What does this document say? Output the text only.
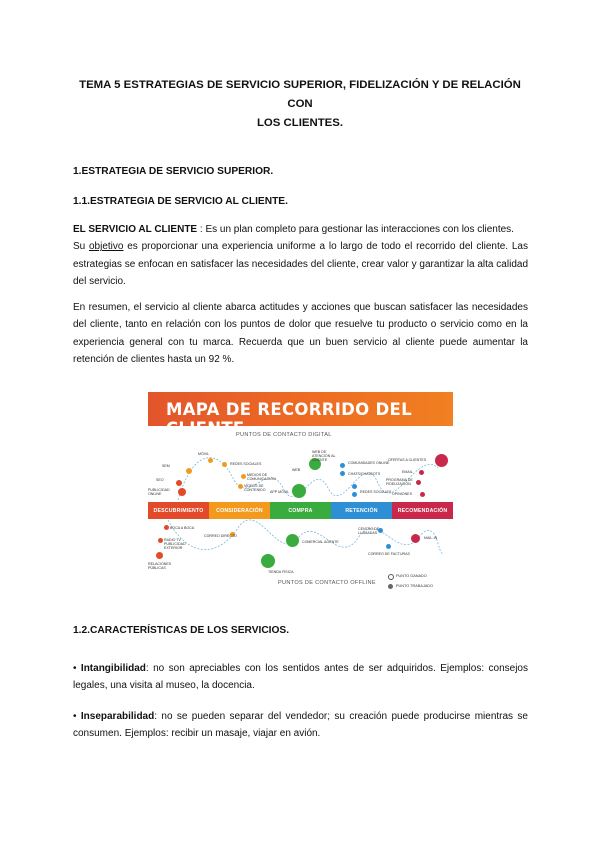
TEMA 5 ESTRATEGIAS DE SERVICIO SUPERIOR, FIDELIZACIÓN Y DE RELACIÓN CON
LOS CLIENTES.
1.ESTRATEGIA DE SERVICIO SUPERIOR.
1.1.ESTRATEGIA DE SERVICIO AL CLIENTE.
EL SERVICIO AL CLIENTE : Es un plan completo para gestionar las interacciones con los clientes.
Su objetivo es proporcionar una experiencia uniforme a lo largo de todo el recorrido del cliente. Las estrategias se enfocan en satisfacer las necesidades del cliente, crear valor y garantizar la alta calidad del servicio.
En resumen, el servicio al cliente abarca actitudes y acciones que buscan satisfacer las necesidades del cliente, tanto en relación con los puntos de dolor que resuelve tu producto o servicio como en la experiencia general con tu marca. Recuerda que un buen servicio al cliente puede aumentar la retención de clientes hasta un 92 %.
MAPA DE RECORRIDO DEL CLIENTE
PUNTOS DE CONTACTO DIGITAL
DESCUBRIMIENTO	CONSIDERACIÓN	COMPRA	RETENCIÓN	RECOMENDACIÓN
SEM
SEO
PUBLICIDAD ONLINE
MÓVIL
REDES SOCIALES
MEDIOS DE COMUNICACIÓN
VÍDEOS DE CONTENIDO
WEB
APP MÓVIL
WEB DE ATENCIÓN AL CLIENTE
COMUNIDADES ONLINE
CHATS/CHATBOTS
REDES SOCIALES
OFERTAS A CLIENTES
EMAIL
PROGRAMA DE FIDELIZACIÓN
OPINIONES
BOCA A BOCA
RADIO TV PUBLICIDAD EXTERIOR
RELACIONES PÚBLICAS
CORREO DIRECTO
TIENDA FÍSICA
COMERCIAL AGENTE
CENTRO DE LLAMADAS
CORREO DE FACTURAS
MAIL-IN
PUNTOS DE CONTACTO OFFLINE
PUNTO GANADO
PUNTO TRABAJADO
1.2.CARACTERÍSTICAS DE LOS SERVICIOS.
• Intangibilidad: no son apreciables con los sentidos antes de ser adquiridos. Ejemplos: consejos legales, una visita al museo, la docencia.
• Inseparabilidad: no se pueden separar del vendedor; su creación puede producirse mientras se consumen. Ejemplos: recibir un masaje, viajar en avión.
